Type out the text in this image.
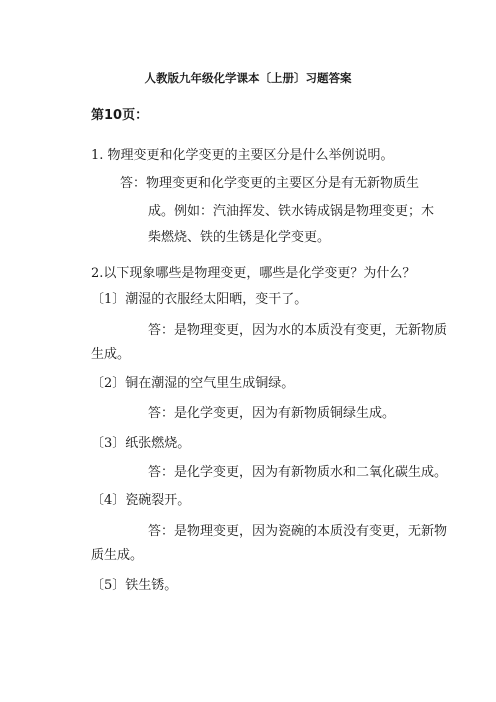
人教版九年级化学课本〔上册〕习题答案
第10页：
1. 物理变更和化学变更的主要区分是什么举例说明。
答：物理变更和化学变更的主要区分是有无新物质生
成。例如：汽油挥发、铁水铸成锅是物理变更；木
柴燃烧、铁的生锈是化学变更。
2.以下现象哪些是物理变更，哪些是化学变更？为什么？
〔1〕潮湿的衣服经太阳晒，变干了。
答：是物理变更，因为水的本质没有变更，无新物质
生成。
〔2〕铜在潮湿的空气里生成铜绿。
答：是化学变更，因为有新物质铜绿生成。
〔3〕纸张燃烧。
答：是化学变更，因为有新物质水和二氧化碳生成。
〔4〕瓷碗裂开。
答：是物理变更，因为瓷碗的本质没有变更，无新物
质生成。
〔5〕铁生锈。
